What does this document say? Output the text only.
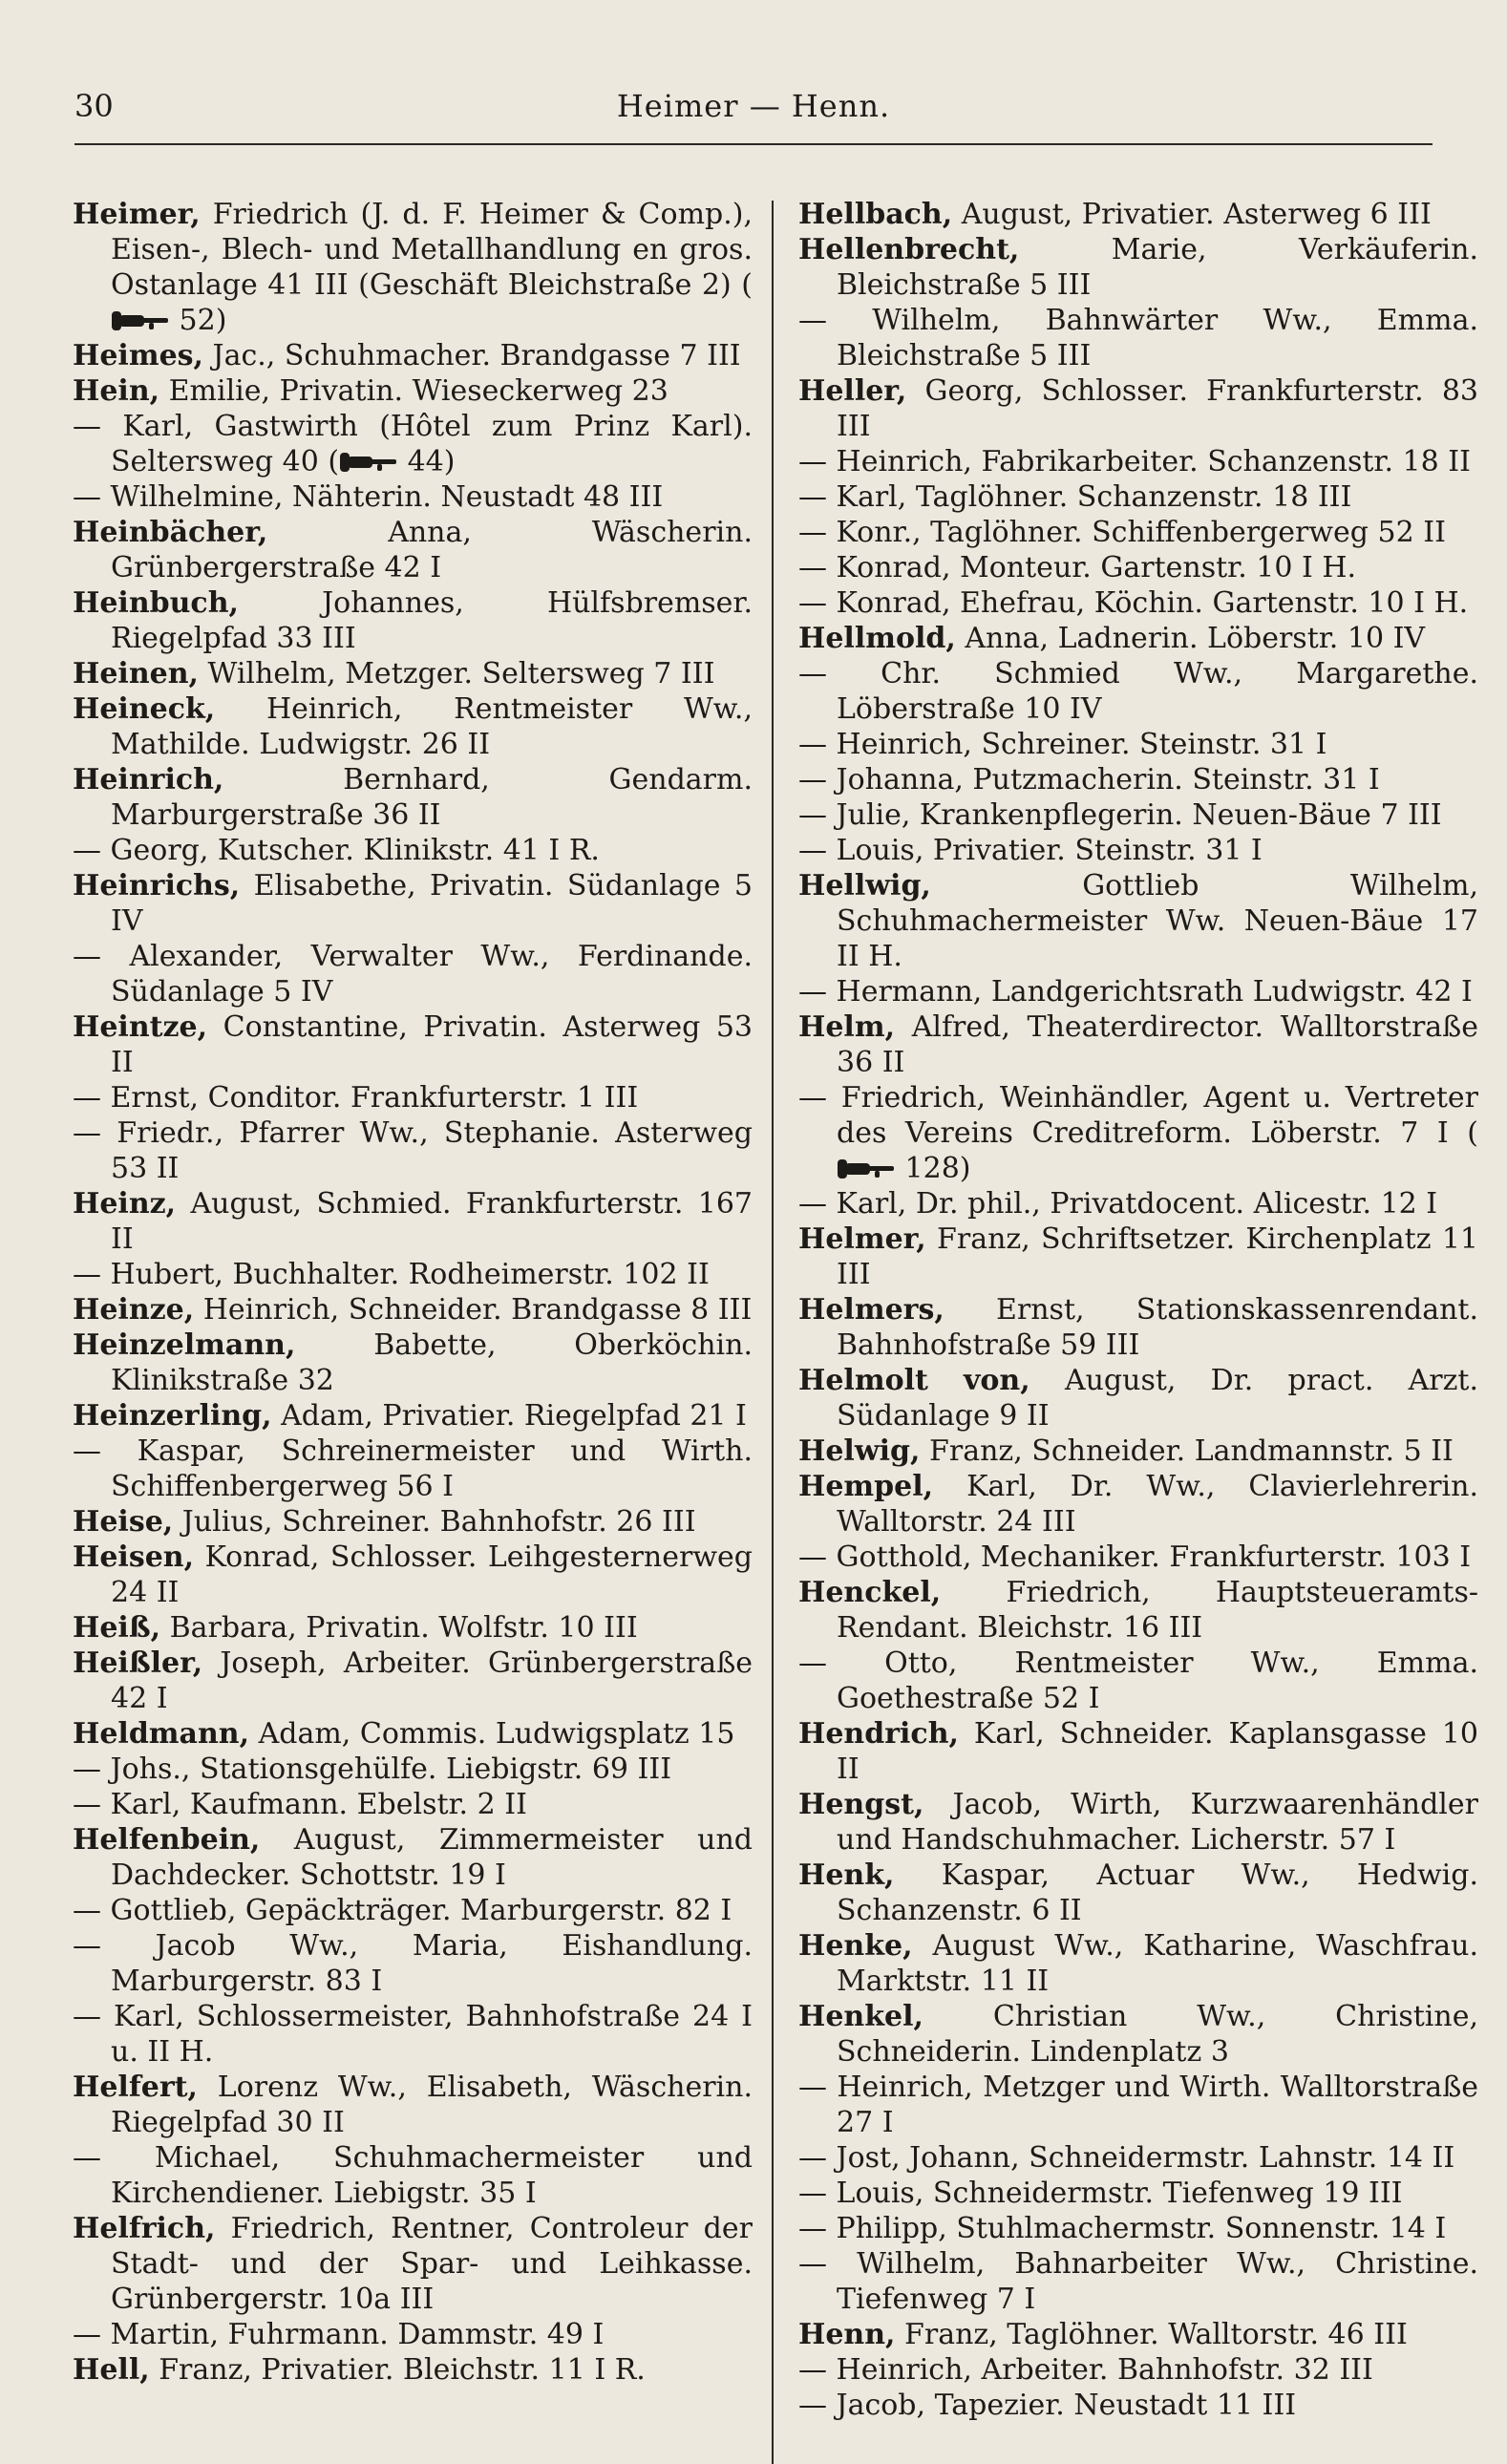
30	Heimer — Henn.

Heimer, Friedrich (J. d. F. Heimer & Comp.), Eisen-, Blech- und Metallhandlung en gros. Ostanlage 41 III (Geschäft Bleichstraße 2) ( 52)

Heimes, Jac., Schuhmacher. Brandgasse 7 III

Hein, Emilie, Privatin. Wieseckerweg 23

— Karl, Gastwirth (Hôtel zum Prinz Karl). Seltersweg 40 ( 44)

— Wilhelmine, Nähterin. Neustadt 48 III

Heinbächer,	Anna, Wäscherin. Grünbergerstraße 42 I

Heinbuch,	Johannes, Hülfsbremser. Riegelpfad 33 III

Heinen, Wilhelm, Metzger. Seltersweg 7 III

Heineck, Heinrich, Rentmeister Ww., Mathilde. Ludwigstr. 26 II

Heinrich,	Bernhard, Gendarm. Marburgerstraße 36 II

— Georg, Kutscher. Klinikstr. 41 I R.

Heinrichs, Elisabethe, Privatin. Südanlage 5 IV

— Alexander, Verwalter Ww., Ferdinande. Südanlage 5 IV

Heintze, Constantine, Privatin. Asterweg 53 II

— Ernst, Conditor. Frankfurterstr. 1 III

— Friedr., Pfarrer Ww., Stephanie. Asterweg 53 II

Heinz, August, Schmied. Frankfurterstr. 167 II

— Hubert, Buchhalter. Rodheimerstr. 102 II

Heinze, Heinrich, Schneider. Brandgasse 8 III

Heinzelmann,	Babette, Oberköchin. Klinikstraße 32

Heinzerling, Adam, Privatier. Riegelpfad 21 I

— Kaspar, Schreinermeister und Wirth. Schiffenbergerweg 56 I

Heise, Julius, Schreiner. Bahnhofstr. 26 III

Heisen, Konrad, Schlosser. Leihgesternerweg 24 II

Heiß, Barbara, Privatin. Wolfstr. 10 III

Heißler, Joseph, Arbeiter. Grünbergerstraße 42 I

Heldmann, Adam, Commis. Ludwigsplatz 15

— Johs., Stationsgehülfe. Liebigstr. 69 III

— Karl, Kaufmann. Ebelstr. 2 II

Helfenbein, August, Zimmermeister und Dachdecker. Schottstr. 19 I

— Gottlieb, Gepäckträger. Marburgerstr. 82 I

— Jacob Ww., Maria, Eishandlung. Marburgerstr. 83 I

— Karl, Schlossermeister, Bahnhofstraße 24 I u. II H.

Helfert, Lorenz Ww., Elisabeth, Wäscherin. Riegelpfad 30 II

— Michael, Schuhmachermeister und Kirchendiener. Liebigstr. 35 I

Helfrich, Friedrich, Rentner, Controleur der Stadt- und der Spar- und Leihkasse. Grünbergerstr. 10a III

— Martin, Fuhrmann. Dammstr. 49 I

Hell, Franz, Privatier. Bleichstr. 11 I R.

Hellbach, August, Privatier. Asterweg 6 III

Hellenbrecht,	Marie, Verkäuferin. Bleichstraße 5 III

— Wilhelm, Bahnwärter Ww., Emma. Bleichstraße 5 III

Heller, Georg, Schlosser. Frankfurterstr. 83 III

— Heinrich, Fabrikarbeiter. Schanzenstr. 18 II

— Karl, Taglöhner. Schanzenstr. 18 III

— Konr., Taglöhner. Schiffenbergerweg 52 II

— Konrad, Monteur. Gartenstr. 10 I H.

— Konrad, Ehefrau, Köchin. Gartenstr. 10 I H.

Hellmold, Anna, Ladnerin. Löberstr. 10 IV

— Chr. Schmied Ww., Margarethe. Löberstraße 10 IV

— Heinrich, Schreiner. Steinstr. 31 I

— Johanna, Putzmacherin. Steinstr. 31 I

— Julie, Krankenpflegerin. Neuen-Bäue 7 III

— Louis, Privatier. Steinstr. 31 I

Hellwig,	Gottlieb Wilhelm, Schuhmachermeister Ww. Neuen-Bäue 17 II H.

— Hermann, Landgerichtsrath Ludwigstr. 42 I

Helm, Alfred, Theaterdirector. Walltorstraße 36 II

— Friedrich, Weinhändler, Agent u. Vertreter des Vereins Creditreform. Löberstr. 7 I ( 128)

— Karl, Dr. phil., Privatdocent. Alicestr. 12 I

Helmer, Franz, Schriftsetzer. Kirchenplatz 11 III

Helmers, Ernst, Stationskassenrendant. Bahnhofstraße 59 III

Helmolt von, August, Dr. pract. Arzt. Südanlage 9 II

Helwig, Franz, Schneider. Landmannstr. 5 II

Hempel, Karl, Dr. Ww., Clavierlehrerin. Walltorstr. 24 III

— Gotthold, Mechaniker. Frankfurterstr. 103 I

Henckel, Friedrich, Hauptsteueramts-Rendant. Bleichstr. 16 III

— Otto, Rentmeister Ww., Emma. Goethestraße 52 I

Hendrich, Karl, Schneider. Kaplansgasse 10 II

Hengst, Jacob, Wirth, Kurzwaarenhändler und Handschuhmacher. Licherstr. 57 I

Henk, Kaspar, Actuar Ww., Hedwig. Schanzenstr. 6 II

Henke, August Ww., Katharine, Waschfrau. Marktstr. 11 II

Henkel, Christian Ww., Christine, Schneiderin. Lindenplatz 3

— Heinrich, Metzger und Wirth. Walltorstraße 27 I

— Jost, Johann, Schneidermstr. Lahnstr. 14 II

— Louis, Schneidermstr. Tiefenweg 19 III

— Philipp, Stuhlmachermstr. Sonnenstr. 14 I

— Wilhelm, Bahnarbeiter Ww., Christine. Tiefenweg 7 I

Henn, Franz, Taglöhner. Walltorstr. 46 III

— Heinrich, Arbeiter. Bahnhofstr. 32 III

— Jacob, Tapezier. Neustadt 11 III
